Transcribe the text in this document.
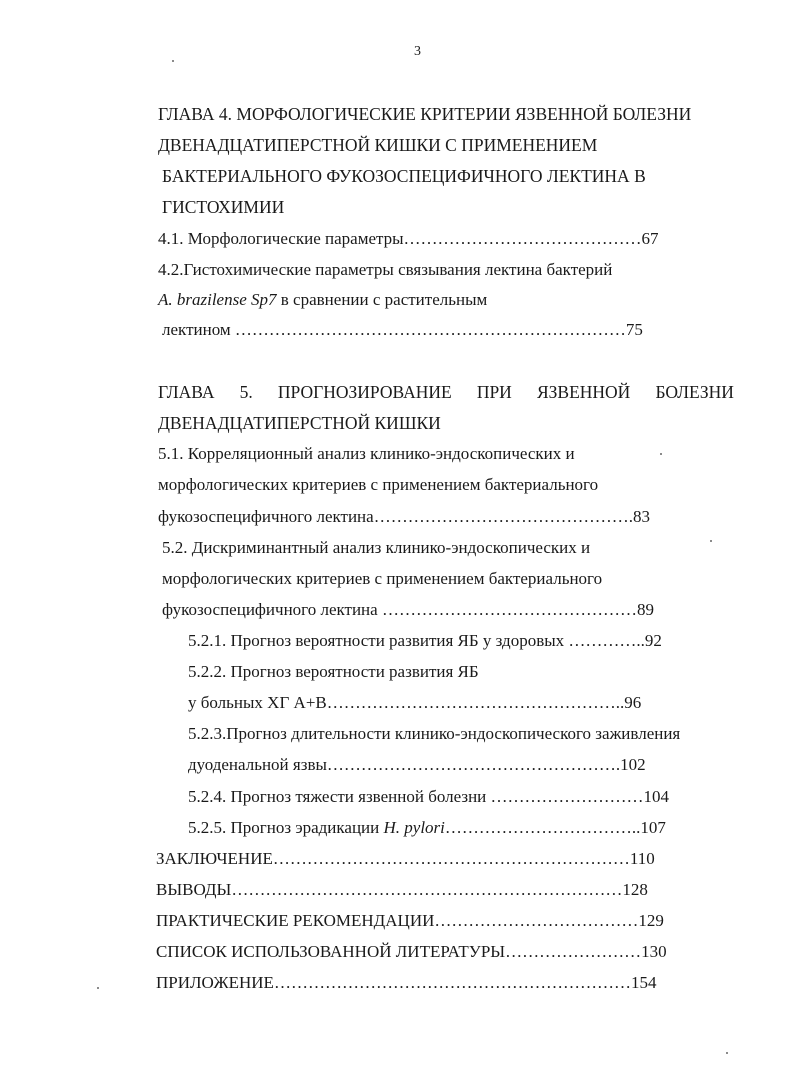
3
ГЛАВА 4. МОРФОЛОГИЧЕСКИЕ КРИТЕРИИ ЯЗВЕННОЙ БОЛЕЗНИ
ДВЕНАДЦАТИПЕРСТНОЙ КИШКИ С ПРИМЕНЕНИЕМ
БАКТЕРИАЛЬНОГО ФУКОЗОСПЕЦИФИЧНОГО ЛЕКТИНА В
ГИСТОХИМИИ
4.1. Морфологические параметры……………………………………67
4.2.Гистохимические параметры связывания лектина бактерий
A. brazilense Sp7 в сравнении с растительным
лектином ……………………………………………………………75
ГЛАВА 5. ПРОГНОЗИРОВАНИЕ ПРИ ЯЗВЕННОЙ БОЛЕЗНИ
ДВЕНАДЦАТИПЕРСТНОЙ КИШКИ
5.1. Корреляционный анализ клинико-эндоскопических и
морфологических критериев с применением бактериального
фукозоспецифичного лектина……………………………………….83
5.2. Дискриминантный анализ клинико-эндоскопических и
морфологических критериев с применением бактериального
фукозоспецифичного лектина ………………………………………89
5.2.1. Прогноз вероятности развития ЯБ у здоровых …………..92
5.2.2. Прогноз вероятности развития ЯБ
у больных ХГ А+В……………………………………………..96
5.2.3.Прогноз длительности клинико-эндоскопического заживления
дуоденальной язвы…………………………………………….102
5.2.4. Прогноз тяжести язвенной болезни ………………………104
5.2.5. Прогноз эрадикации H. pylori……………………………..107
ЗАКЛЮЧЕНИЕ………………………………………………………110
ВЫВОДЫ……………………………………………………………128
ПРАКТИЧЕСКИЕ РЕКОМЕНДАЦИИ………………………………129
СПИСОК ИСПОЛЬЗОВАННОЙ ЛИТЕРАТУРЫ……………………130
ПРИЛОЖЕНИЕ………………………………………………………154
